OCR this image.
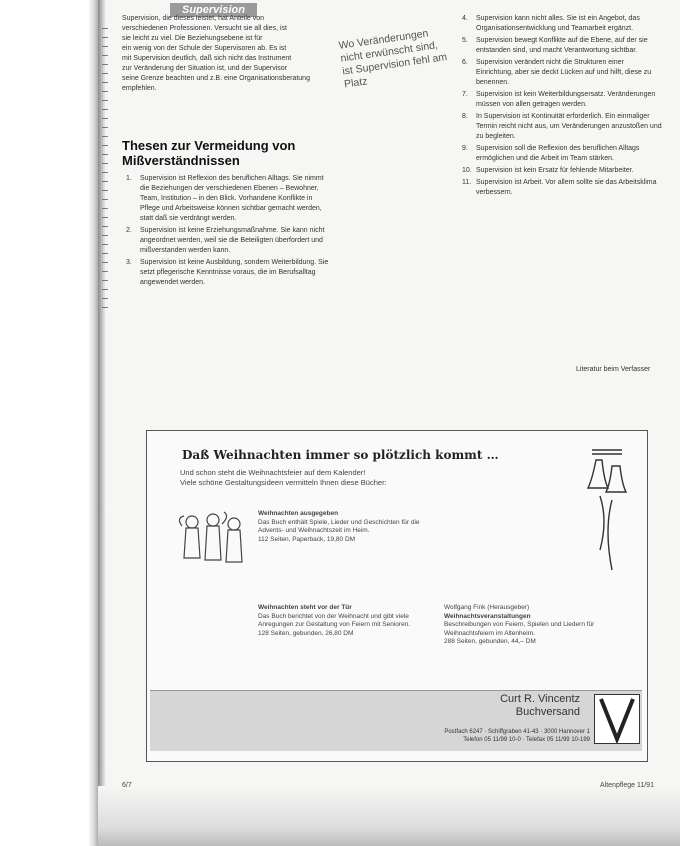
Supervision

Supervision, die dieses leistet, hat Anteile von

verschiedenen Professionen. Versucht sie all dies, ist

sie leicht zu viel. Die Beziehungsebene ist für

ein wenig von der Schule der Supervisoren ab. Es ist

mit Supervision deutlich, daß sich nicht das Instrument

zur Veränderung der Situation ist, und der Supervisor

seine Grenze beachten und z.B. eine Organisationsberatung

empfehlen.

Wo Veränderungen nicht erwünscht sind, ist Supervision fehl am Platz
Thesen zur Vermeidung von Mißverständnissen
1. Supervision ist Reflexion des beruflichen Alltags. Sie nimmt die Beziehungen der verschiedenen Ebenen – Bewohner, Team, Institution – in den Blick. Vorhandene Konflikte in Pflege und Arbeitsweise können sichtbar gemacht werden, statt daß sie verdrängt werden.
2. Supervision ist keine Erziehungsmaßnahme. Sie kann nicht angeordnet werden, weil sie die Beteiligten überfordert und mißverstanden werden kann.
3. Supervision ist keine Ausbildung, sondern Weiterbildung. Sie setzt pflegerische Kenntnisse voraus, die im Berufsalltag angewendet werden.
4. Supervision kann nicht alles. Sie ist ein Angebot, das Organisationsentwicklung und Teamarbeit ergänzt.
5. Supervision bewegt Konflikte auf die Ebene, auf der sie entstanden sind, und macht Verantwortung sichtbar.
6. Supervision verändert nicht die Strukturen einer Einrichtung, aber sie deckt Lücken auf und hilft, diese zu benennen.
7. Supervision ist kein Weiterbildungsersatz. Veränderungen müssen von allen getragen werden.
8. In Supervision ist Kontinuität erforderlich. Ein einmaliger Termin reicht nicht aus, um Veränderungen anzustoßen und zu begleiten.
9. Supervision soll die Reflexion des beruflichen Alltags ermöglichen und die Arbeit im Team stärken.
10. Supervision ist kein Ersatz für fehlende Mitarbeiter.
11. Supervision ist Arbeit. Vor allem sollte sie das Arbeitsklima verbessern.
Literatur beim Verfasser
Daß Weihnachten immer so plötzlich kommt …
Und schon steht die Weihnachtsfeier auf dem Kalender!
Viele schöne Gestaltungsideen vermitteln Ihnen diese Bücher:
Weihnachten ausgegeben
Das Buch enthält Spiele, Lieder und Geschichten für die Advents- und Weihnachtszeit im Heim.
112 Seiten, Paperback, 19,80 DM
Weihnachten steht vor der Tür
Das Buch berichtet von der Weihnacht und gibt viele Anregungen zur Gestaltung von Feiern mit Senioren.
128 Seiten, gebunden, 26,80 DM
Wolfgang Fink (Herausgeber)
Weihnachtsveranstaltungen
Beschreibungen von Feiern, Spielen und Liedern für Weihnachtsfeiern im Altenheim.
288 Seiten, gebunden, 44,– DM
Curt R. Vincentz Buchversand
Postfach 6247 · Schiffgraben 41-43 · 3000 Hannover 1
Telefon 05 11/99 10-0 · Telefax 05 11/99 10-199
6/7	Altenpflege 11/91
